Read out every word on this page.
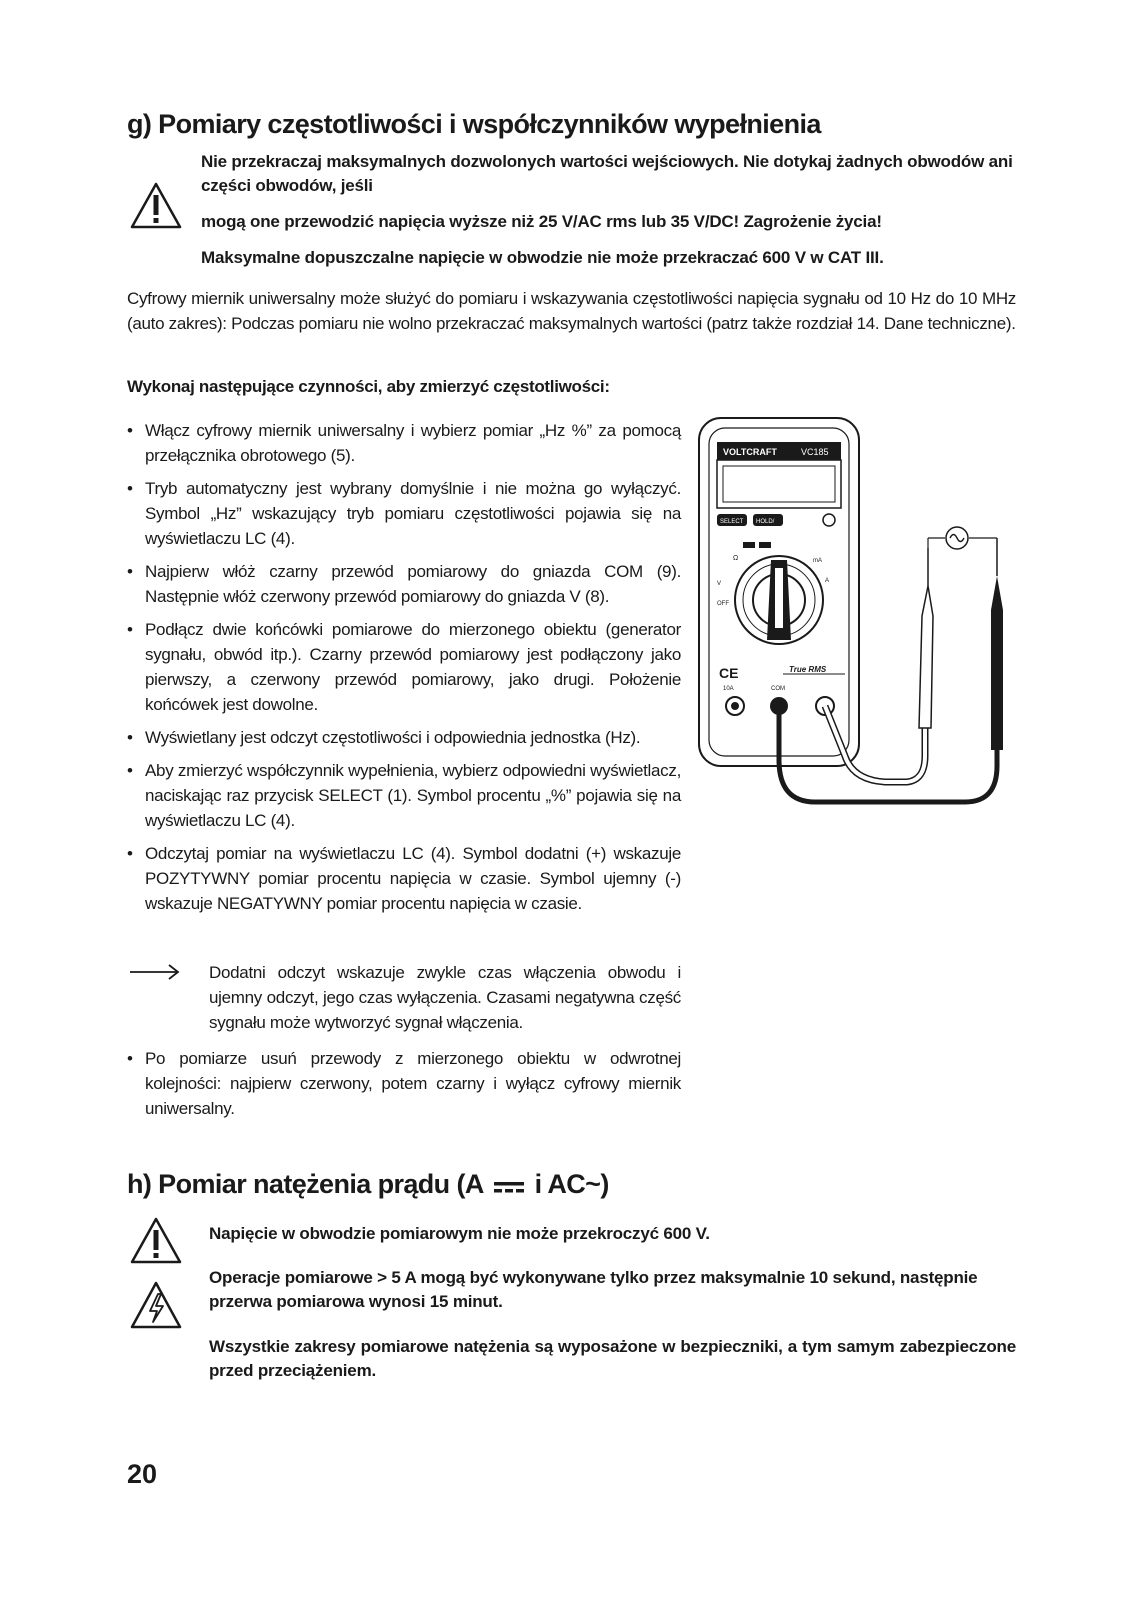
g) Pomiary częstotliwości i współczynników wypełnienia
Nie przekraczaj maksymalnych dozwolonych wartości wejściowych. Nie dotykaj żadnych obwodów ani części obwodów, jeśli
mogą one przewodzić napięcia wyższe niż 25 V/AC rms lub 35 V/DC! Zagrożenie życia!
Maksymalne dopuszczalne napięcie w obwodzie nie może przekraczać 600 V w CAT III.
Cyfrowy miernik uniwersalny może służyć do pomiaru i wskazywania częstotliwości napięcia sygnału od 10 Hz do 10 MHz (auto zakres): Podczas pomiaru nie wolno przekraczać maksymalnych wartości (patrz także rozdział 14. Dane techniczne).
Wykonaj następujące czynności, aby zmierzyć częstotliwości:
• Włącz cyfrowy miernik uniwersalny i wybierz pomiar „Hz %” za pomocą przełącznika obrotowego (5).
• Tryb automatyczny jest wybrany domyślnie i nie można go wyłączyć. Symbol „Hz” wskazujący tryb pomiaru częstotliwości pojawia się na wyświetlaczu LC (4).
• Najpierw włóż czarny przewód pomiarowy do gniazda COM (9). Następnie włóż czerwony przewód pomiarowy do gniazda V (8).
• Podłącz dwie końcówki pomiarowe do mierzonego obiektu (generator sygnału, obwód itp.). Czarny przewód pomiarowy jest podłączony jako pierwszy, a czerwony przewód pomiarowy, jako drugi. Położenie końcówek jest dowolne.
• Wyświetlany jest odczyt częstotliwości i odpowiednia jednostka (Hz).
• Aby zmierzyć współczynnik wypełnienia, wybierz odpowiedni wyświetlacz, naciskając raz przycisk SELECT (1). Symbol procentu „%” pojawia się na wyświetlaczu LC (4).
• Odczytaj pomiar na wyświetlaczu LC (4). Symbol dodatni (+) wskazuje POZYTYWNY pomiar procentu napięcia w czasie. Symbol ujemny (-) wskazuje NEGATYWNY pomiar procentu napięcia w czasie.
Dodatni odczyt wskazuje zwykle czas włączenia obwodu i ujemny odczyt, jego czas wyłączenia. Czasami negatywna część sygnału może wytworzyć sygnał włączenia.
• Po pomiarze usuń przewody z mierzonego obiektu w odwrotnej kolejności: najpierw czerwony, potem czarny i wyłącz cyfrowy miernik uniwersalny.
VOLTCRAFT	VC185
SELECT HOLD/
Ω	mA
A
V
OFF
CE	True RMS
10A	COM
h) Pomiar natężenia prądu (A i AC~)
Napięcie w obwodzie pomiarowym nie może przekroczyć 600 V.
Operacje pomiarowe > 5 A mogą być wykonywane tylko przez maksymalnie 10 sekund, następnie przerwa pomiarowa wynosi 15 minut.
Wszystkie zakresy pomiarowe natężenia są wyposażone w bezpieczniki, a tym samym zabezpieczone przed przeciążeniem.
20
